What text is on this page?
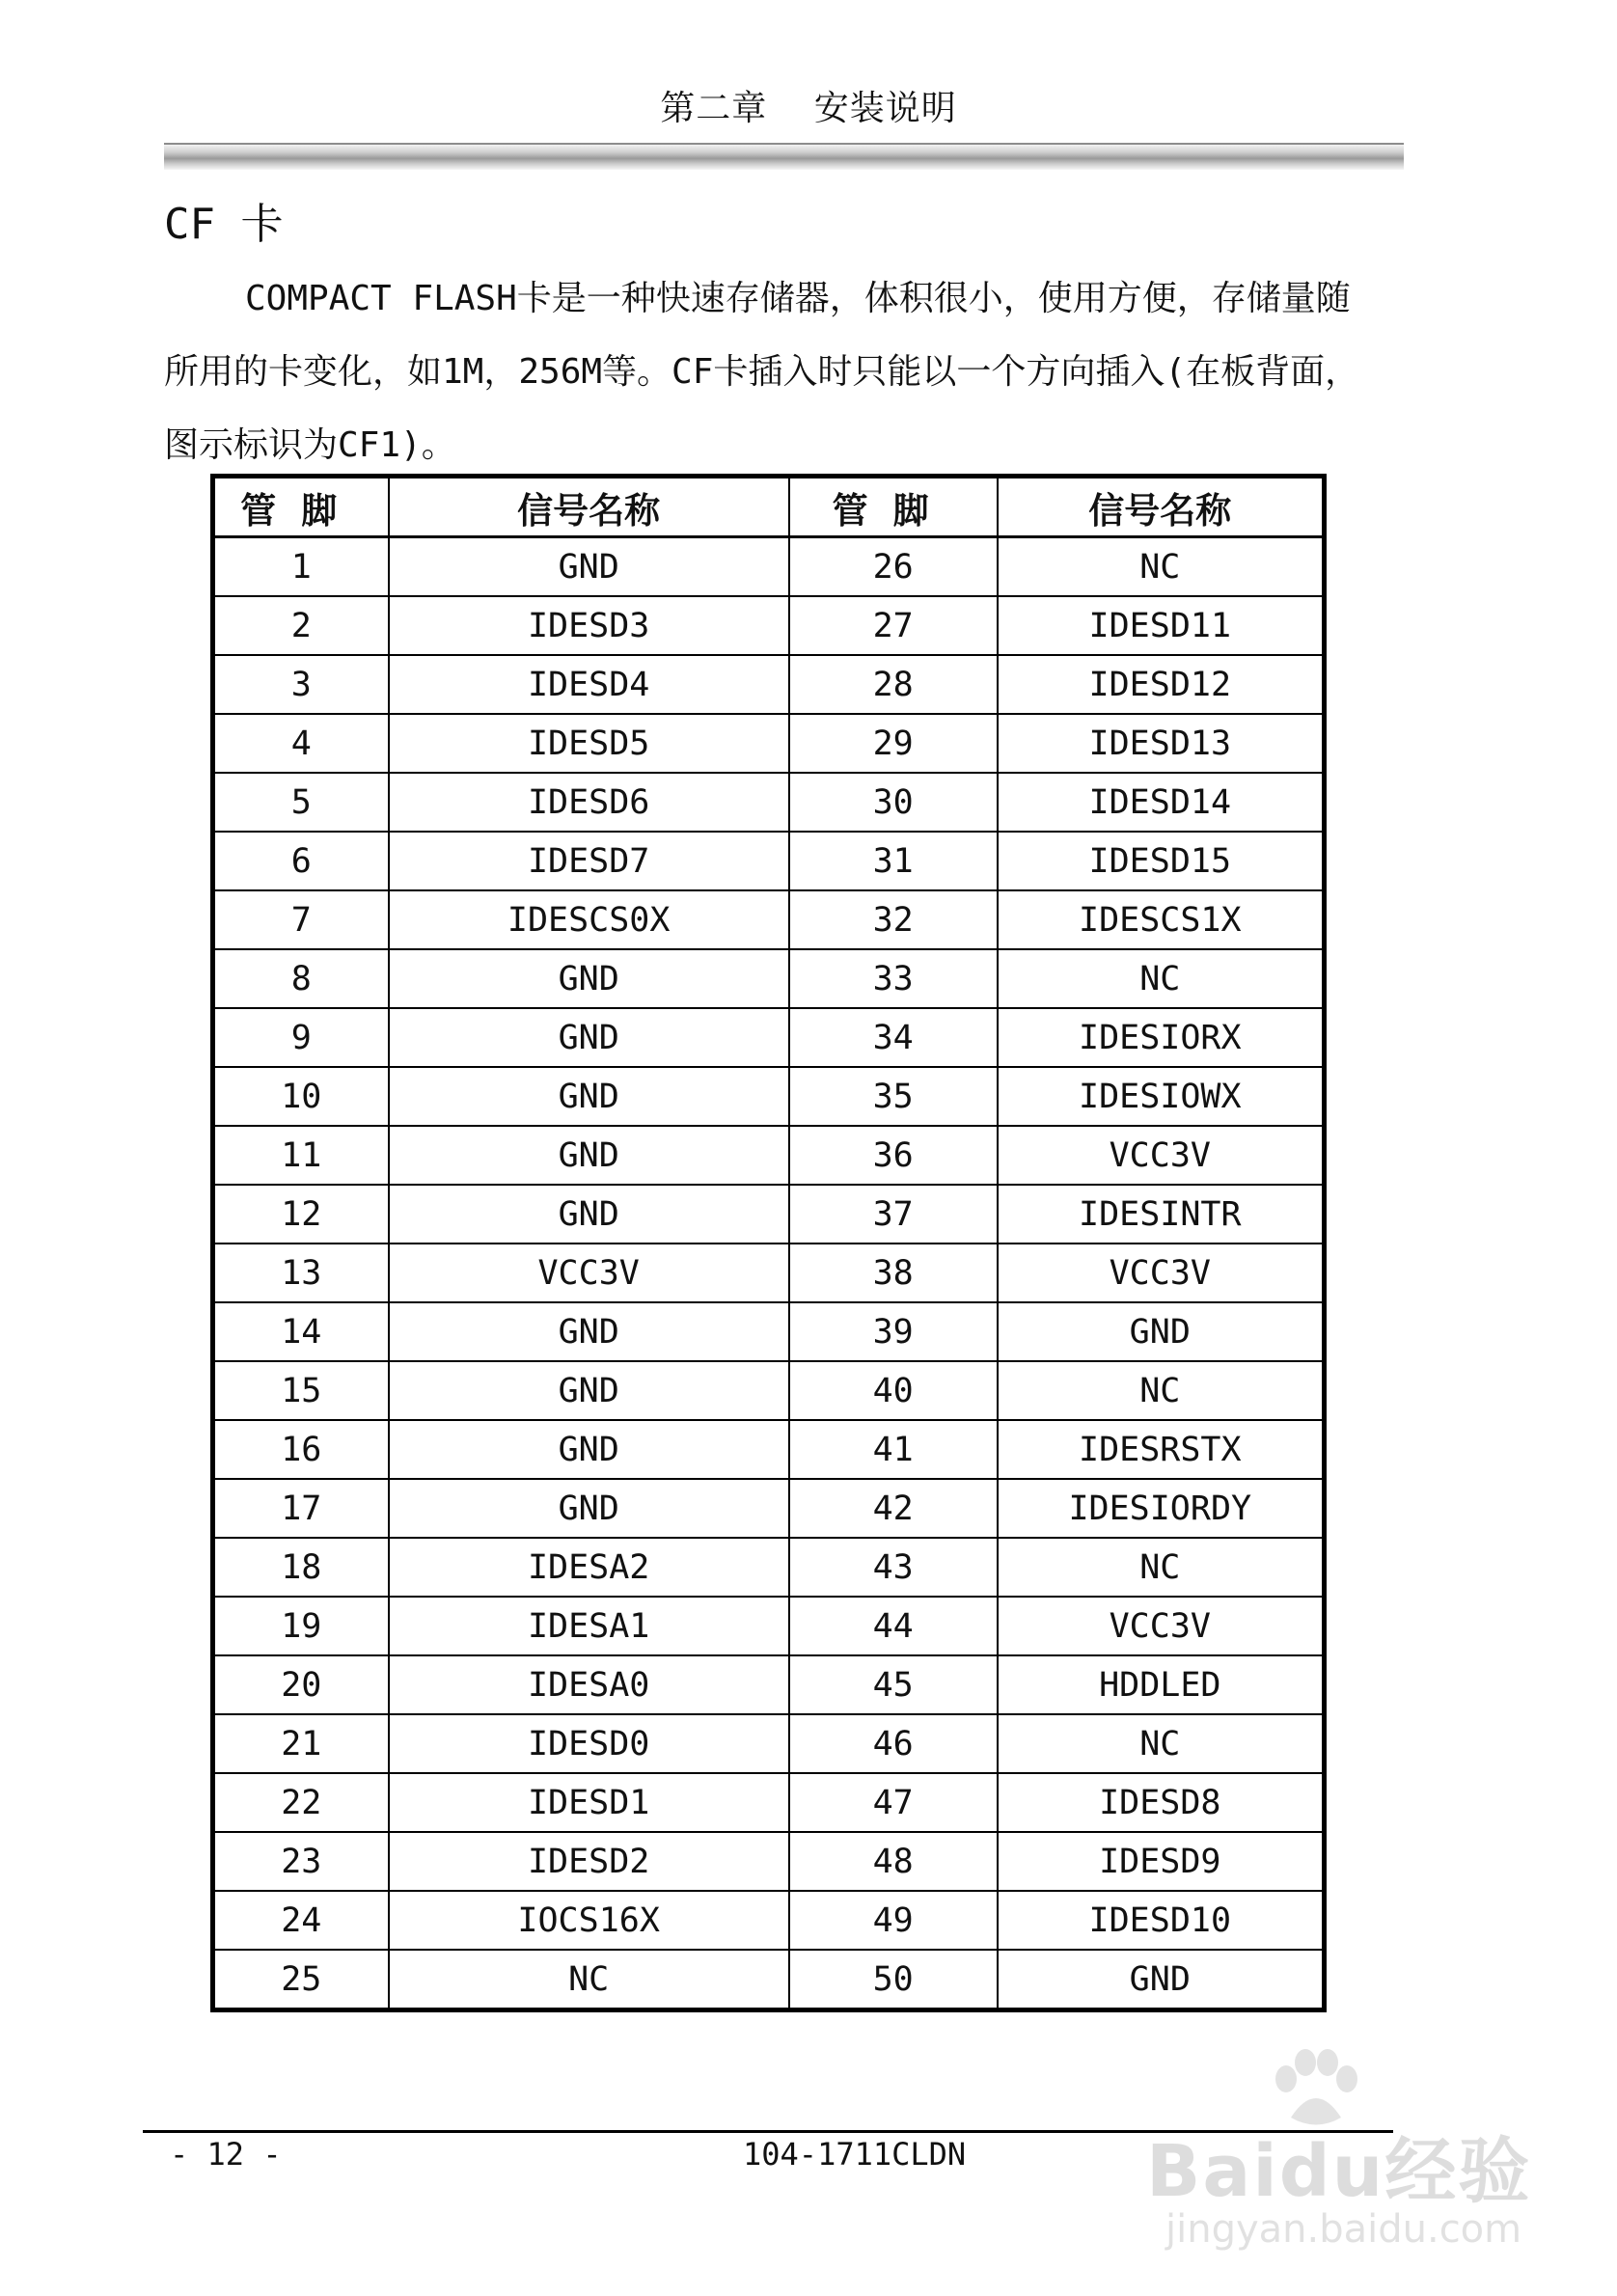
第二章 安装说明
CF 卡
COMPACT FLASH卡是一种快速存储器，体积很小，使用方便，存储量随所用的卡变化，如1M，256M等。CF卡插入时只能以一个方向插入(在板背面，图示标识为CF1)。
管脚	信号名称	管脚	信号名称
1	GND	26	NC
2	IDESD3	27	IDESD11
3	IDESD4	28	IDESD12
4	IDESD5	29	IDESD13
5	IDESD6	30	IDESD14
6	IDESD7	31	IDESD15
7	IDESCS0X	32	IDESCS1X
8	GND	33	NC
9	GND	34	IDESIORX
10	GND	35	IDESIOWX
11	GND	36	VCC3V
12	GND	37	IDESINTR
13	VCC3V	38	VCC3V
14	GND	39	GND
15	GND	40	NC
16	GND	41	IDESRSTX
17	GND	42	IDESIORDY
18	IDESA2	43	NC
19	IDESA1	44	VCC3V
20	IDESA0	45	HDDLED
21	IDESD0	46	NC
22	IDESD1	47	IDESD8
23	IDESD2	48	IDESD9
24	IOCS16X	49	IDESD10
25	NC	50	GND
- 12 -	104-1711CLDN	Baidu经验
jingyan.baidu.com
